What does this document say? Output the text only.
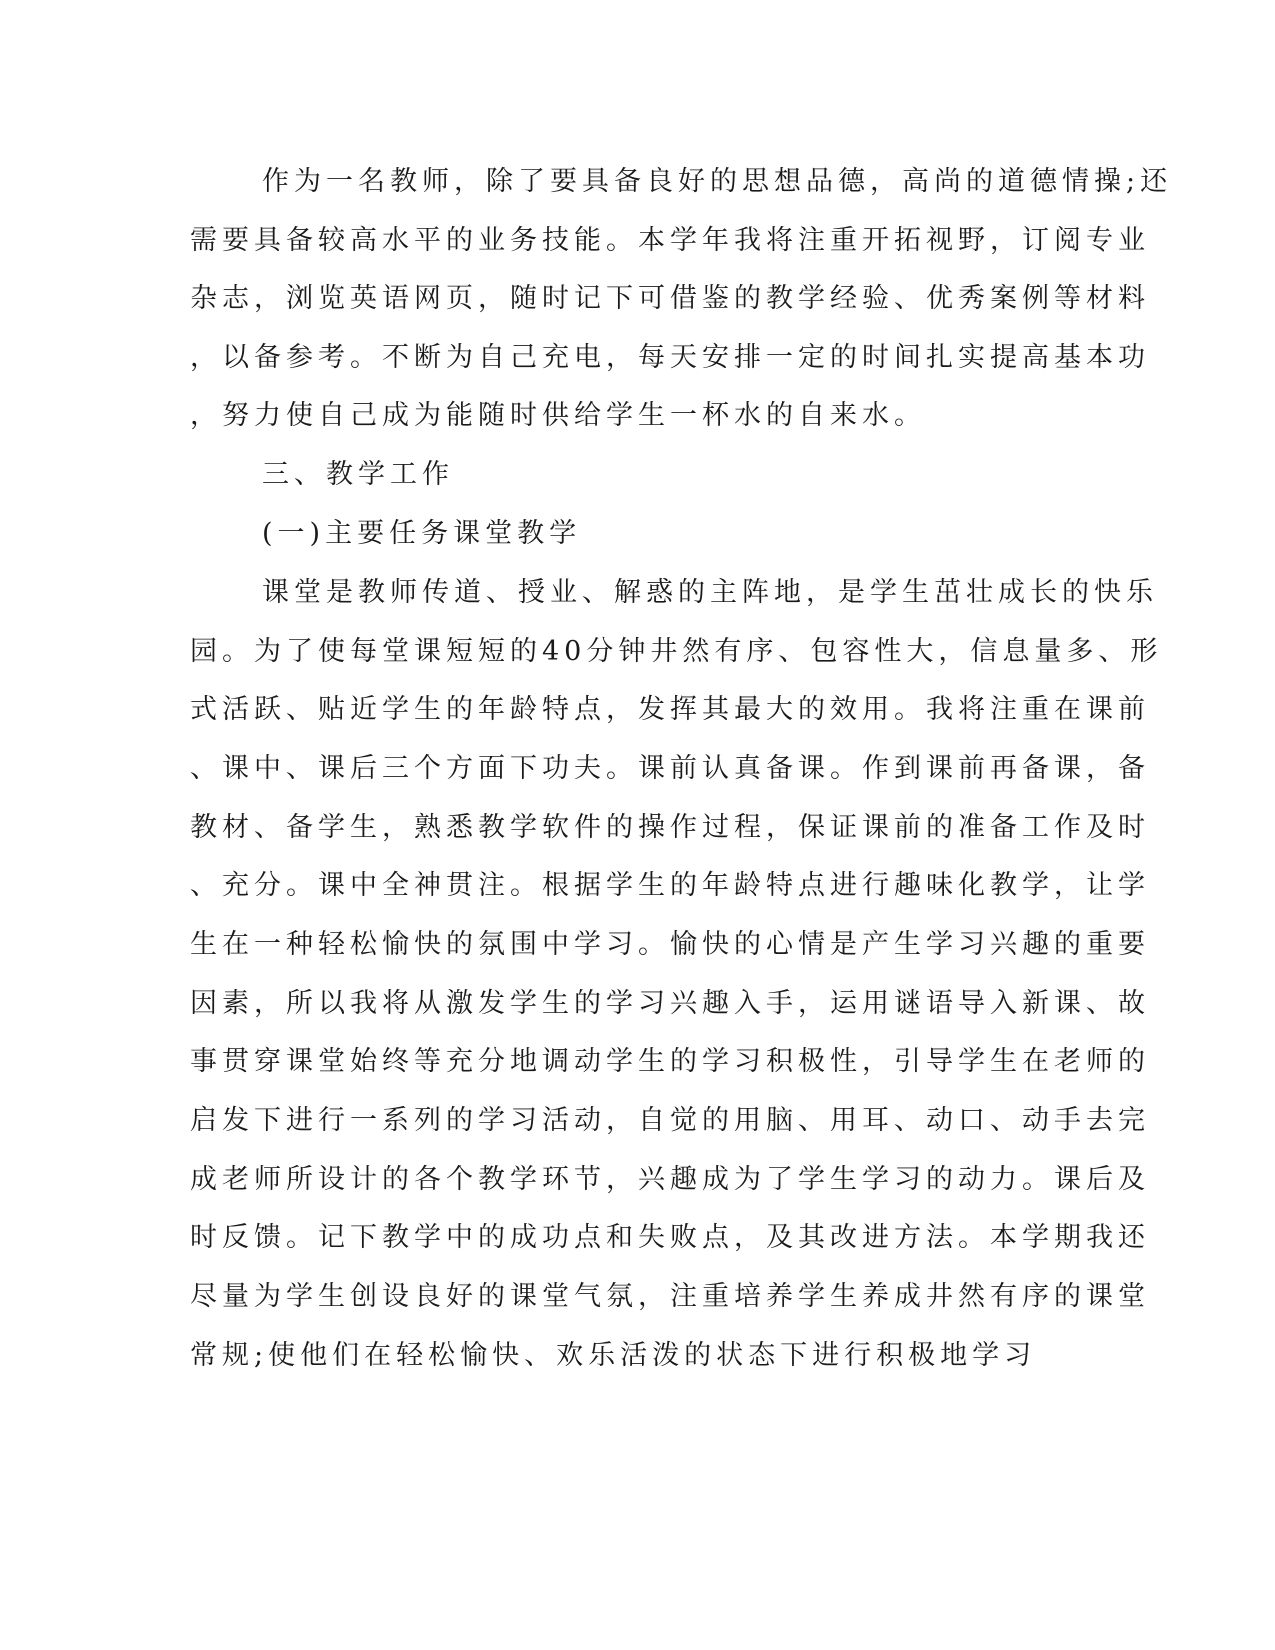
作为一名教师，除了要具备良好的思想品德，高尚的道德情操;还
需要具备较高水平的业务技能。本学年我将注重开拓视野，订阅专业
杂志，浏览英语网页，随时记下可借鉴的教学经验、优秀案例等材料
，以备参考。不断为自己充电，每天安排一定的时间扎实提高基本功
，努力使自己成为能随时供给学生一杯水的自来水。
三、教学工作
(一)主要任务课堂教学
课堂是教师传道、授业、解惑的主阵地，是学生茁壮成长的快乐
园。为了使每堂课短短的40分钟井然有序、包容性大，信息量多、形
式活跃、贴近学生的年龄特点，发挥其最大的效用。我将注重在课前
、课中、课后三个方面下功夫。课前认真备课。作到课前再备课，备
教材、备学生，熟悉教学软件的操作过程，保证课前的准备工作及时
、充分。课中全神贯注。根据学生的年龄特点进行趣味化教学，让学
生在一种轻松愉快的氛围中学习。愉快的心情是产生学习兴趣的重要
因素，所以我将从激发学生的学习兴趣入手，运用谜语导入新课、故
事贯穿课堂始终等充分地调动学生的学习积极性，引导学生在老师的
启发下进行一系列的学习活动，自觉的用脑、用耳、动口、动手去完
成老师所设计的各个教学环节，兴趣成为了学生学习的动力。课后及
时反馈。记下教学中的成功点和失败点，及其改进方法。本学期我还
尽量为学生创设良好的课堂气氛，注重培养学生养成井然有序的课堂
常规;使他们在轻松愉快、欢乐活泼的状态下进行积极地学习
